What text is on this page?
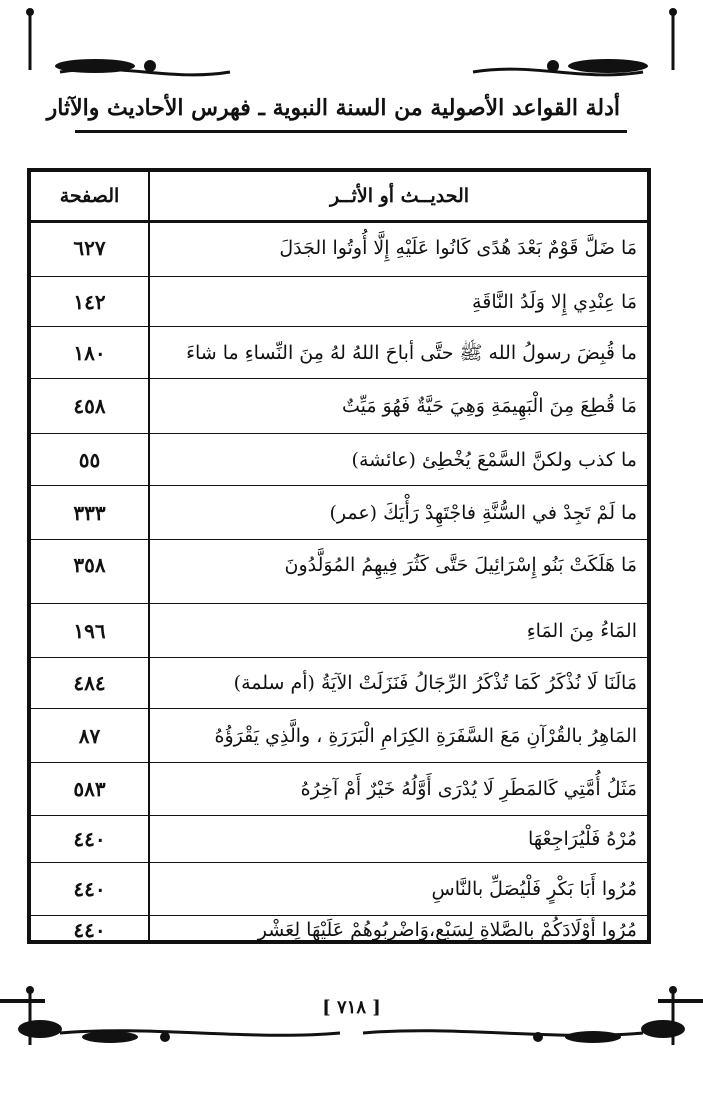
أدلة القواعد الأصولية من السنة النبوية ـ فهرس الأحاديث والآثار
الصفحة	الحديــث أو الأثــر
مَا ضَلَّ قَوْمٌ بَعْدَ هُدًى كَانُوا عَلَيْهِ إِلَّا أُوتُوا الجَدَلَ
٦٢٧
مَا عِنْدِي إِلا وَلَدُ النَّاقَةِ
١٤٢
ما قُبِضَ رسولُ الله ﷺ حتَّى أباحَ اللهُ لهُ مِنَ النِّساءِ ما شاءَ
١٨٠
مَا قُطِعَ مِنَ الْبَهِيمَةِ وَهِيَ حَيَّةٌ فَهُوَ مَيِّتٌ
٤٥٨
ما كذب ولكنَّ السَّمْعَ يُخْطِئ (عائشة)
٥٥
ما لَمْ تَجِدْ في السُّنَّةِ فاجْتَهِدْ رَأْيَكَ (عمر)
٣٣٣
مَا هَلَكَتْ بَنُو إِسْرَائِيلَ حَتَّى كَثُرَ فِيهِمُ المُوَلَّدُونَ
٣٥٨
المَاءُ مِنَ المَاءِ
١٩٦
مَالَنَا لَا نُذْكَرُ كَمَا تُذْكَرُ الرِّجَالُ فَنَزَلَتْ الآيَةُ (أم سلمة)
٤٨٤
المَاهِرُ بالقُرْآنِ مَعَ السَّفَرَةِ الكِرَامِ الْبَرَرَةِ ، والَّذِي يَقْرَؤُهُ
٨٧
مَثَلُ أُمَّتِي كَالمَطَرِ لَا يُدْرَى أَوَّلُهُ خَيْرٌ أَمْ آخِرُهُ
٥٨٣
مُرْهُ فَلْيُرَاجِعْهَا
٤٤٠
مُرُوا أَبَا بَكْرٍ فَلْيُصَلِّ بالنَّاسِ
٤٤٠
مُرُوا أَوْلَادَكُمْ بالصَّلاةِ لِسَبْعٍ،وَاضْرِبُوهُمْ عَلَيْهَا لِعَشْرٍ
٤٤٠
[ ٧١٨ ]
